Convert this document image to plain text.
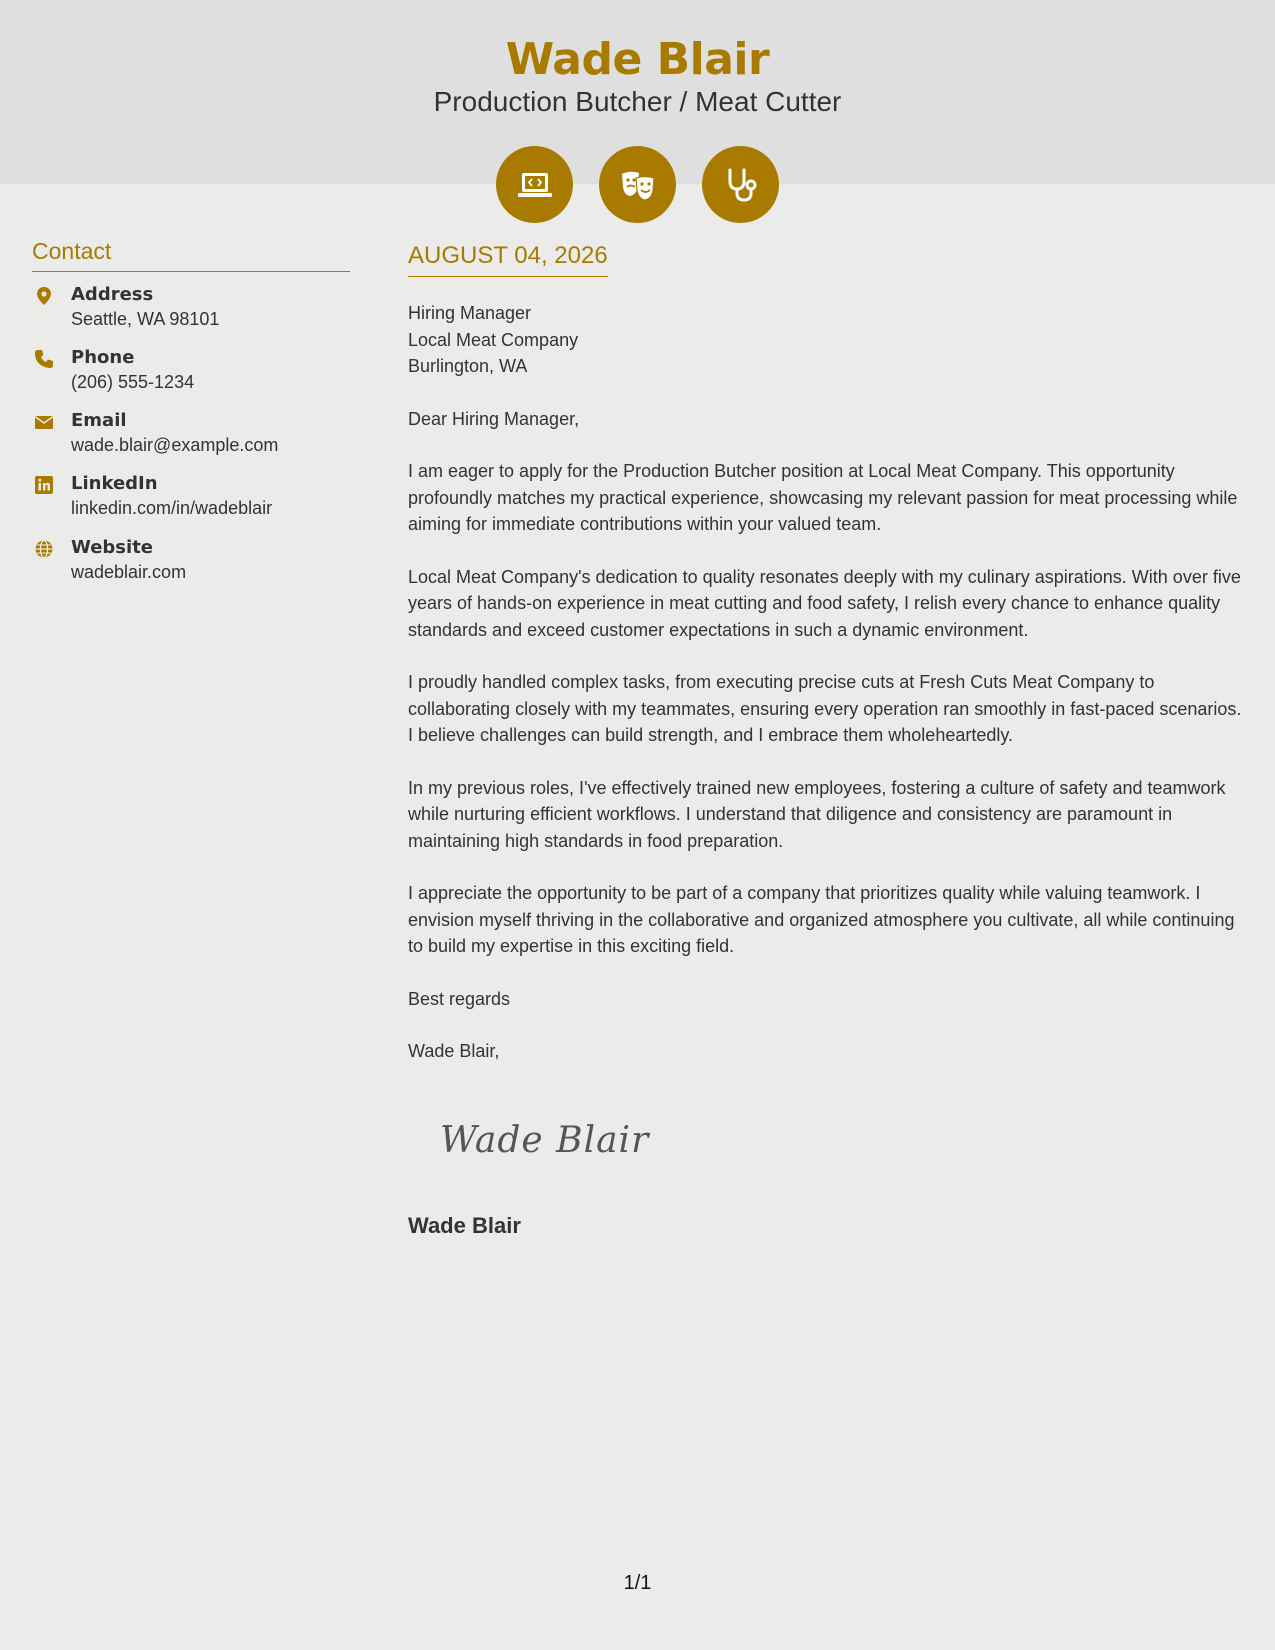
Wade Blair
Production Butcher / Meat Cutter
Contact
Address
Seattle, WA 98101
Phone
(206) 555-1234
Email
wade.blair@example.com
LinkedIn
linkedin.com/in/wadeblair
Website
wadeblair.com
AUGUST 04, 2026
Hiring Manager
Local Meat Company
Burlington, WA

Dear Hiring Manager,

I am eager to apply for the Production Butcher position at Local Meat Company. This opportunity profoundly matches my practical experience, showcasing my relevant passion for meat processing while aiming for immediate contributions within your valued team.

Local Meat Company's dedication to quality resonates deeply with my culinary aspirations. With over five years of hands-on experience in meat cutting and food safety, I relish every chance to enhance quality standards and exceed customer expectations in such a dynamic environment.

I proudly handled complex tasks, from executing precise cuts at Fresh Cuts Meat Company to collaborating closely with my teammates, ensuring every operation ran smoothly in fast-paced scenarios. I believe challenges can build strength, and I embrace them wholeheartedly.

In my previous roles, I've effectively trained new employees, fostering a culture of safety and teamwork while nurturing efficient workflows. I understand that diligence and consistency are paramount in maintaining high standards in food preparation.

I appreciate the opportunity to be part of a company that prioritizes quality while valuing teamwork. I envision myself thriving in the collaborative and organized atmosphere you cultivate, all while continuing to build my expertise in this exciting field.

Best regards

Wade Blair,

Wade Blair
Wade Blair
1/1
